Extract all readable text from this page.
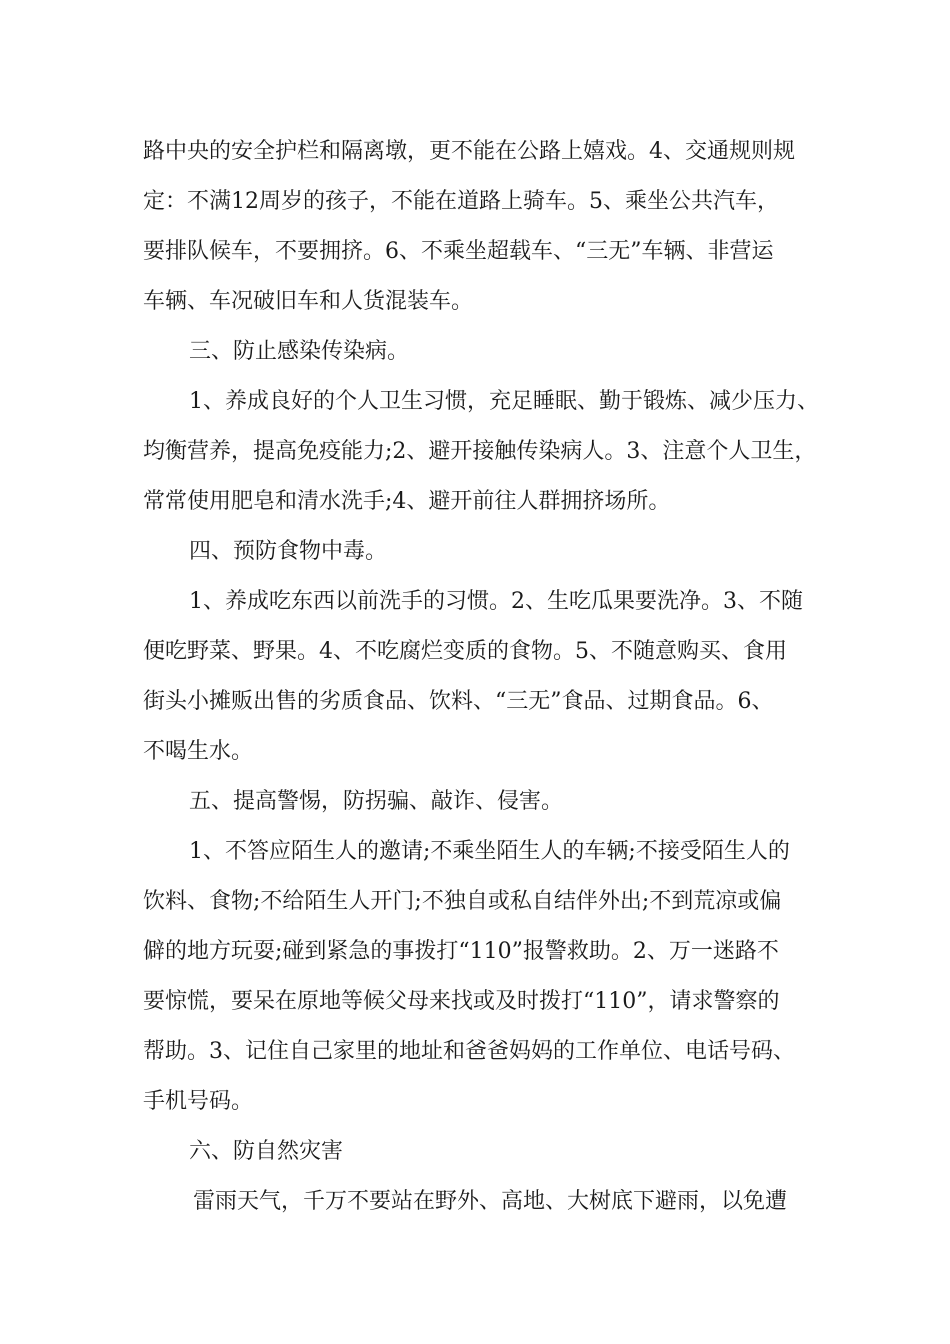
路中央的安全护栏和隔离墩，更不能在公路上嬉戏。4、交通规则规
定：不满12周岁的孩子，不能在道路上骑车。5、乘坐公共汽车，
要排队候车，不要拥挤。6、不乘坐超载车、“三无”车辆、非营运
车辆、车况破旧车和人货混装车。
三、防止感染传染病。
1、养成良好的个人卫生习惯，充足睡眠、勤于锻炼、减少压力、
均衡营养，提高免疫能力;2、避开接触传染病人。3、注意个人卫生，
常常使用肥皂和清水洗手;4、避开前往人群拥挤场所。
四、预防食物中毒。
1、养成吃东西以前洗手的习惯。2、生吃瓜果要洗净。3、不随
便吃野菜、野果。4、不吃腐烂变质的食物。5、不随意购买、食用
街头小摊贩出售的劣质食品、饮料、“三无”食品、过期食品。6、
不喝生水。
五、提高警惕，防拐骗、敲诈、侵害。
1、不答应陌生人的邀请;不乘坐陌生人的车辆;不接受陌生人的
饮料、食物;不给陌生人开门;不独自或私自结伴外出;不到荒凉或偏
僻的地方玩耍;碰到紧急的事拨打“110”报警救助。2、万一迷路不
要惊慌，要呆在原地等候父母来找或及时拨打“110”，请求警察的
帮助。3、记住自己家里的地址和爸爸妈妈的工作单位、电话号码、
手机号码。
六、防自然灾害
雷雨天气，千万不要站在野外、高地、大树底下避雨，以免遭
